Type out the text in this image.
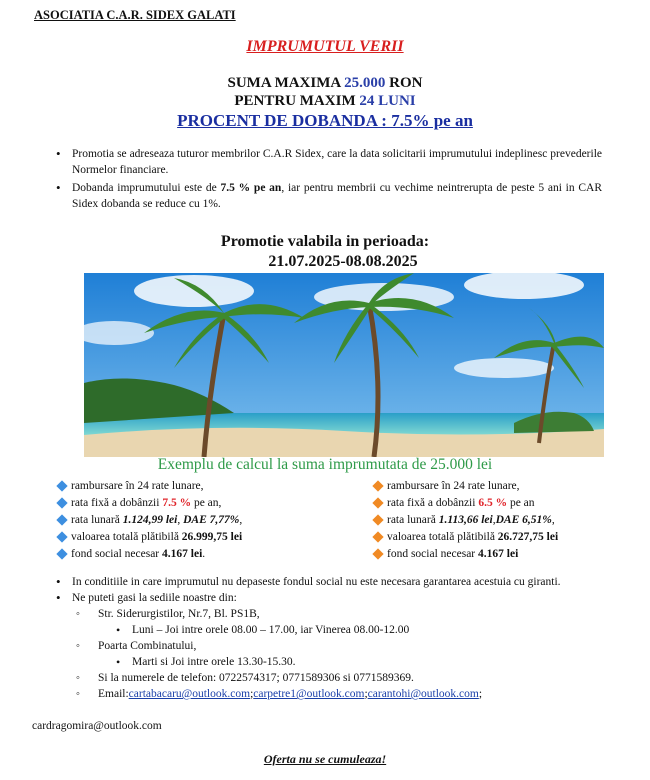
ASOCIATIA C.A.R. SIDEX GALATI
IMPRUMUTUL VERII
SUMA MAXIMA 25.000 RON
PENTRU MAXIM 24 LUNI
PROCENT DE DOBANDA : 7.5% pe an
• Promotia se adreseaza tuturor membrilor C.A.R Sidex, care la data solicitarii imprumutului indeplinesc prevederile Normelor financiare.
• Dobanda imprumutului este de 7.5 % pe an, iar pentru membrii cu vechime neintrerupta de peste 5 ani in CAR Sidex dobanda se reduce cu 1%.
Promotie valabila in perioada:
21.07.2025-08.08.2025
Exemplu de calcul la suma imprumutata de 25.000 lei
rambursare în 24 rate lunare,
rata fixă a dobânzii 7.5 % pe an,
rata lunară 1.124,99 lei, DAE 7,77%,
valoarea totală plătibilă 26.999,75 lei
fond social necesar 4.167 lei.
rambursare în 24 rate lunare,
rata fixă a dobânzii 6.5 % pe an
rata lunară 1.113,66 lei,DAE 6,51%,
valoarea totală plătibilă 26.727,75 lei
fond social necesar 4.167 lei
• In conditiile in care imprumutul nu depaseste fondul social nu este necesara garantarea acestuia cu giranti.
• Ne puteti gasi la sediile noastre din:
◦ Str. Siderurgistilor, Nr.7, Bl. PS1B,
• Luni – Joi intre orele 08.00 – 17.00, iar Vinerea 08.00-12.00
◦ Poarta Combinatului,
• Marti si Joi intre orele 13.30-15.30.
◦ Si la numerele de telefon: 0722574317; 0771589306 si 0771589369.
◦ Email:cartabacaru@outlook.com;carpetre1@outlook.com;carantohi@outlook.com;
cardragomira@outlook.com
Oferta nu se cumuleaza!
